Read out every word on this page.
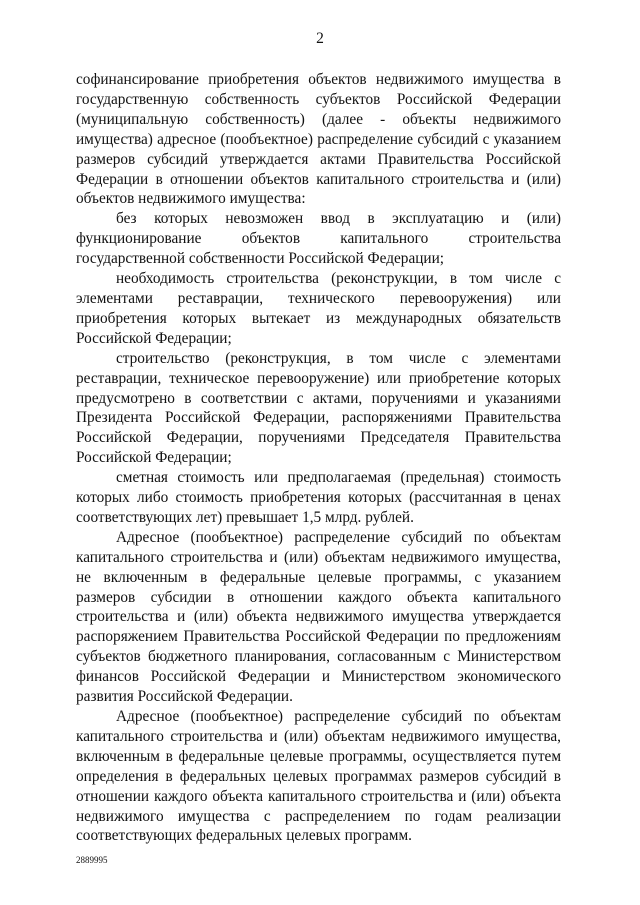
2

софинансирование приобретения объектов недвижимого имущества в государственную собственность субъектов Российской Федерации (муниципальную собственность) (далее - объекты недвижимого имущества) адресное (пообъектное) распределение субсидий с указанием размеров субсидий утверждается актами Правительства Российской Федерации в отношении объектов капитального строительства и (или) объектов недвижимого имущества:

без которых невозможен ввод в эксплуатацию и (или) функционирование объектов капитального строительства государственной собственности Российской Федерации;

необходимость строительства (реконструкции, в том числе с элементами реставрации, технического перевооружения) или приобретения которых вытекает из международных обязательств Российской Федерации;

строительство (реконструкция, в том числе с элементами реставрации, техническое перевооружение) или приобретение которых предусмотрено в соответствии с актами, поручениями и указаниями Президента Российской Федерации, распоряжениями Правительства Российской Федерации, поручениями Председателя Правительства Российской Федерации;

сметная стоимость или предполагаемая (предельная) стоимость которых либо стоимость приобретения которых (рассчитанная в ценах соответствующих лет) превышает 1,5 млрд. рублей.

Адресное (пообъектное) распределение субсидий по объектам капитального строительства и (или) объектам недвижимого имущества, не включенным в федеральные целевые программы, с указанием размеров субсидии в отношении каждого объекта капитального строительства и (или) объекта недвижимого имущества утверждается распоряжением Правительства Российской Федерации по предложениям субъектов бюджетного планирования, согласованным с Министерством финансов Российской Федерации и Министерством экономического развития Российской Федерации.

Адресное (пообъектное) распределение субсидий по объектам капитального строительства и (или) объектам недвижимого имущества, включенным в федеральные целевые программы, осуществляется путем определения в федеральных целевых программах размеров субсидий в отношении каждого объекта капитального строительства и (или) объекта недвижимого имущества с распределением по годам реализации соответствующих федеральных целевых программ.

2889995
